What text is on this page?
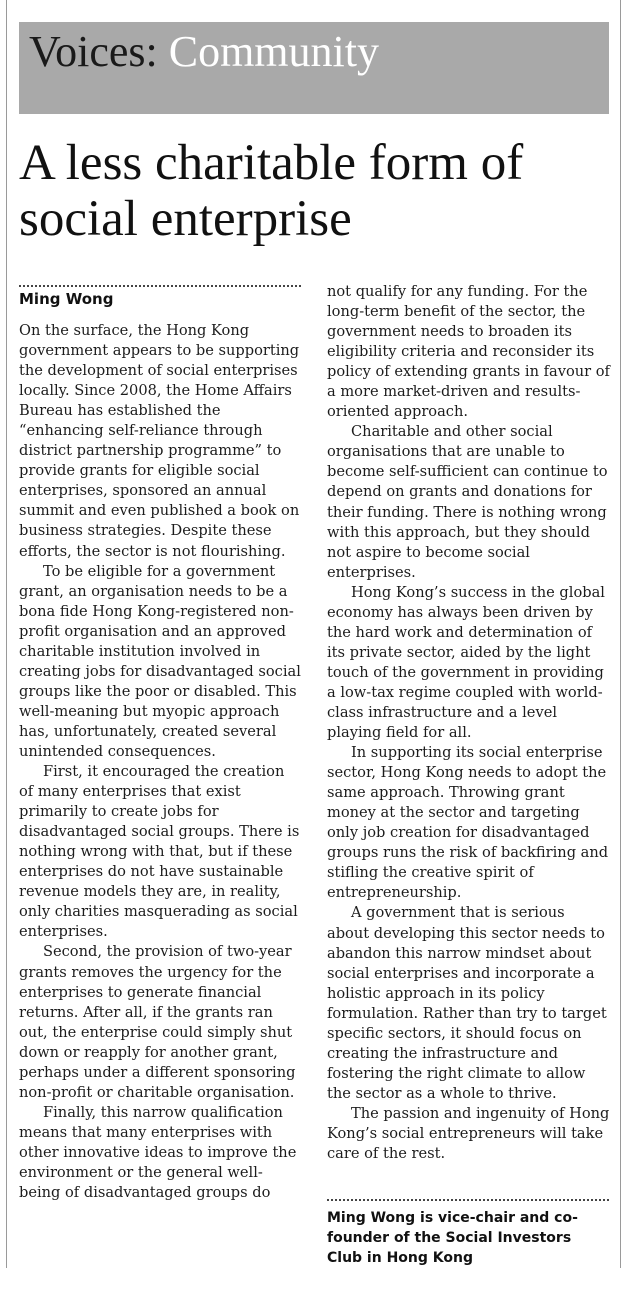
Voices: Community
A less charitable form of social enterprise
Ming Wong

On the surface, the Hong Kong government appears to be supporting the development of social enterprises locally. Since 2008, the Home Affairs Bureau has established the “enhancing self-reliance through district partnership programme” to provide grants for eligible social enterprises, sponsored an annual summit and even published a book on business strategies. Despite these efforts, the sector is not flourishing.

To be eligible for a government grant, an organisation needs to be a bona fide Hong Kong-registered non-profit organisation and an approved charitable institution involved in creating jobs for disadvantaged social groups like the poor or disabled. This well-meaning but myopic approach has, unfortunately, created several unintended consequences.

First, it encouraged the creation of many enterprises that exist primarily to create jobs for disadvantaged social groups. There is nothing wrong with that, but if these enterprises do not have sustainable revenue models they are, in reality, only charities masquerading as social enterprises.

Second, the provision of two-year grants removes the urgency for the enterprises to generate financial returns. After all, if the grants ran out, the enterprise could simply shut down or reapply for another grant, perhaps under a different sponsoring non-profit or charitable organisation.

Finally, this narrow qualification means that many enterprises with other innovative ideas to improve the environment or the general well-being of disadvantaged groups do

not qualify for any funding. For the long-term benefit of the sector, the government needs to broaden its eligibility criteria and reconsider its policy of extending grants in favour of a more market-driven and results-oriented approach.

Charitable and other social organisations that are unable to become self-sufficient can continue to depend on grants and donations for their funding. There is nothing wrong with this approach, but they should not aspire to become social enterprises.

Hong Kong’s success in the global economy has always been driven by the hard work and determination of its private sector, aided by the light touch of the government in providing a low-tax regime coupled with world-class infrastructure and a level playing field for all.

In supporting its social enterprise sector, Hong Kong needs to adopt the same approach. Throwing grant money at the sector and targeting only job creation for disadvantaged groups runs the risk of backfiring and stifling the creative spirit of entrepreneurship.

A government that is serious about developing this sector needs to abandon this narrow mindset about social enterprises and incorporate a holistic approach in its policy formulation. Rather than try to target specific sectors, it should focus on creating the infrastructure and fostering the right climate to allow the sector as a whole to thrive.

The passion and ingenuity of Hong Kong’s social entrepreneurs will take care of the rest.

Ming Wong is vice-chair and co-founder of the Social Investors Club in Hong Kong
